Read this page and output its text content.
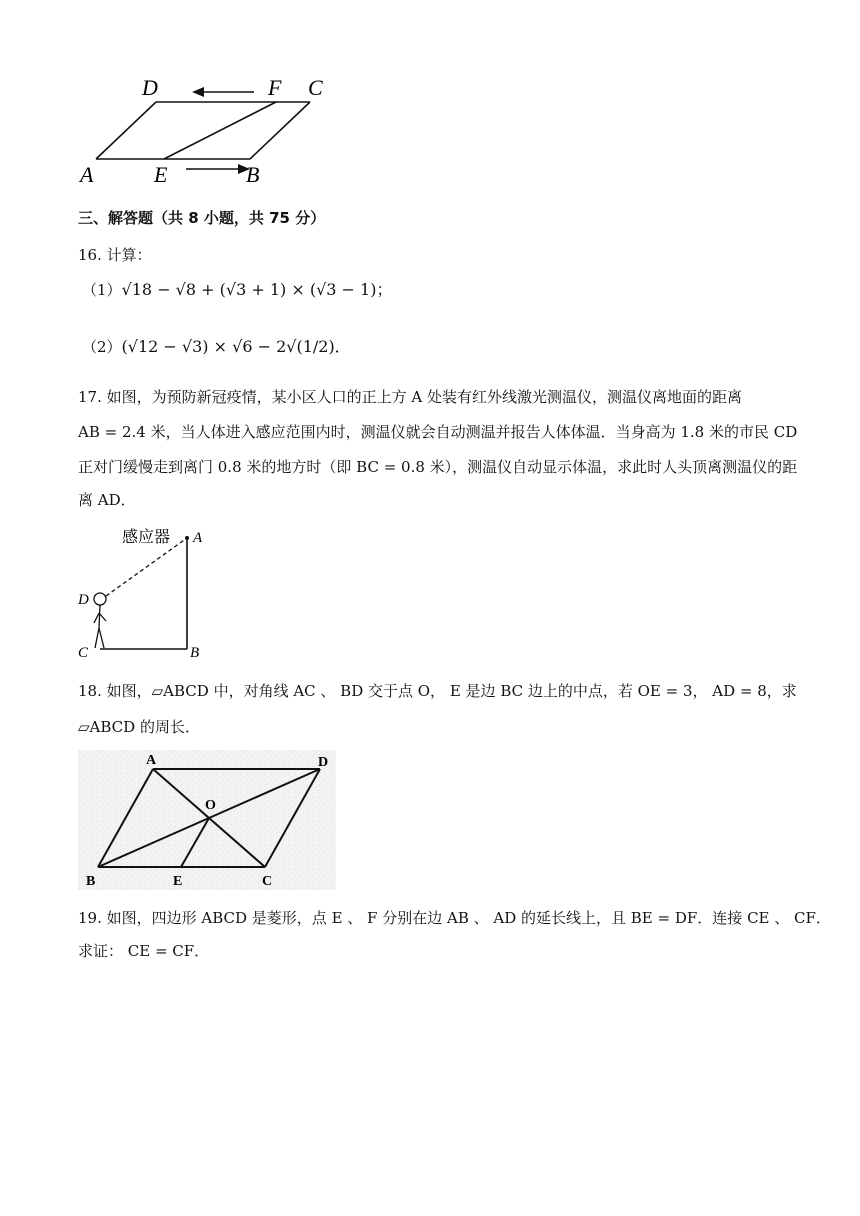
D	F C
A	E	B
三、解答题（共 8 小题，共 75 分）
16. 计算：
（1） √18 − √8 + (√3 + 1) × (√3 − 1)；
（2） (√12 − √3) × √6 − 2√(1/2)．
17. 如图，为预防新冠疫情，某小区人口的正上方 A 处装有红外线激光测温仪，测温仪离地面的距离
AB = 2.4 米，当人体进入感应范围内时，测温仪就会自动测温并报告人体体温．当身高为 1.8 米的市民 CD
正对门缓慢走到离门 0.8 米的地方时（即 BC = 0.8 米），测温仪自动显示体温，求此时人头顶离测温仪的距
离 AD．
感应器 A
D
C	B
18. 如图，▱ABCD 中，对角线 AC 、 BD 交于点 O， E 是边 BC 边上的中点，若 OE = 3， AD = 8，求
▱ABCD 的周长．
A	D
O
B	E	C
19. 如图，四边形 ABCD 是菱形，点 E 、 F 分别在边 AB 、 AD 的延长线上，且 BE = DF．连接 CE 、 CF．
求证： CE = CF．
